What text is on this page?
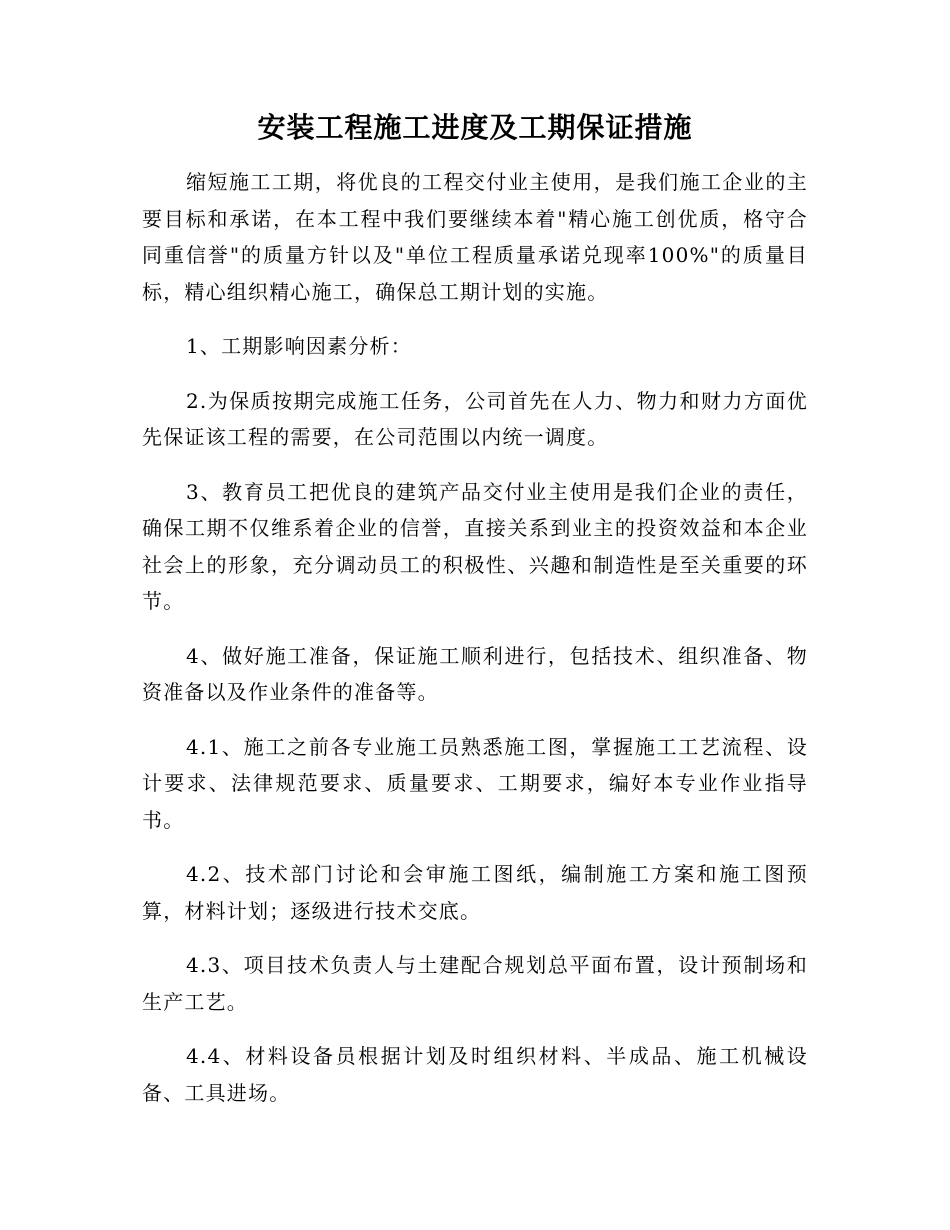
安装工程施工进度及工期保证措施

缩短施工工期，将优良的工程交付业主使用，是我们施工企业的主要目标和承诺，在本工程中我们要继续本着"精心施工创优质，格守合同重信誉"的质量方针以及"单位工程质量承诺兑现率100%"的质量目标，精心组织精心施工，确保总工期计划的实施。

1、工期影响因素分析：

2.为保质按期完成施工任务，公司首先在人力、物力和财力方面优先保证该工程的需要，在公司范围以内统一调度。

3、教育员工把优良的建筑产品交付业主使用是我们企业的责任，确保工期不仅维系着企业的信誉，直接关系到业主的投资效益和本企业社会上的形象，充分调动员工的积极性、兴趣和制造性是至关重要的环节。

4、做好施工准备，保证施工顺利进行，包括技术、组织准备、物资准备以及作业条件的准备等。

4.1、施工之前各专业施工员熟悉施工图，掌握施工工艺流程、设计要求、法律规范要求、质量要求、工期要求，编好本专业作业指导书。

4.2、技术部门讨论和会审施工图纸，编制施工方案和施工图预算，材料计划；逐级进行技术交底。

4.3、项目技术负责人与土建配合规划总平面布置，设计预制场和生产工艺。

4.4、材料设备员根据计划及时组织材料、半成品、施工机械设备、工具进场。
